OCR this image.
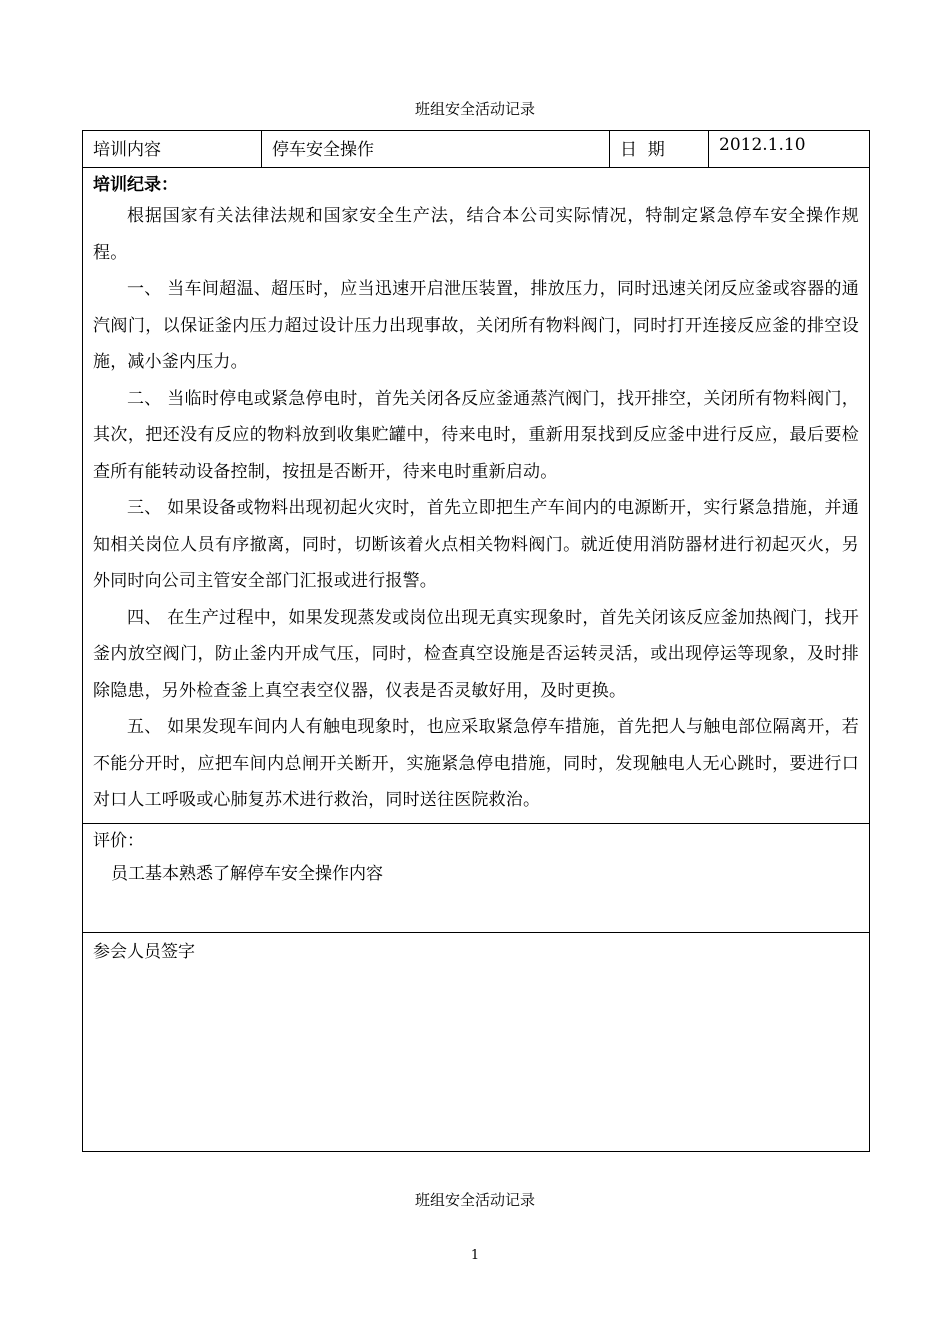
班组安全活动记录
培训内容	停车安全操作	日  期	2012.1.10

培训纪录：

根据国家有关法律法规和国家安全生产法，结合本公司实际情况，特制定紧急停车安全操作规程。

一、 当车间超温、超压时，应当迅速开启泄压装置，排放压力，同时迅速关闭反应釜或容器的通汽阀门，以保证釜内压力超过设计压力出现事故，关闭所有物料阀门，同时打开连接反应釜的排空设施，减小釜内压力。

二、 当临时停电或紧急停电时，首先关闭各反应釜通蒸汽阀门，找开排空，关闭所有物料阀门，其次，把还没有反应的物料放到收集贮罐中，待来电时，重新用泵找到反应釜中进行反应，最后要检查所有能转动设备控制，按扭是否断开，待来电时重新启动。

三、 如果设备或物料出现初起火灾时，首先立即把生产车间内的电源断开，实行紧急措施，并通知相关岗位人员有序撤离，同时，切断该着火点相关物料阀门。就近使用消防器材进行初起灭火，另外同时向公司主管安全部门汇报或进行报警。

四、 在生产过程中，如果发现蒸发或岗位出现无真实现象时，首先关闭该反应釜加热阀门，找开釜内放空阀门，防止釜内开成气压，同时，检查真空设施是否运转灵活，或出现停运等现象，及时排除隐患，另外检查釜上真空表空仪器，仪表是否灵敏好用，及时更换。

五、 如果发现车间内人有触电现象时，也应采取紧急停车措施，首先把人与触电部位隔离开，若不能分开时，应把车间内总闸开关断开，实施紧急停电措施，同时，发现触电人无心跳时，要进行口对口人工呼吸或心肺复苏术进行救治，同时送往医院救治。

评价：
员工基本熟悉了解停车安全操作内容

参会人员签字
班组安全活动记录
1
